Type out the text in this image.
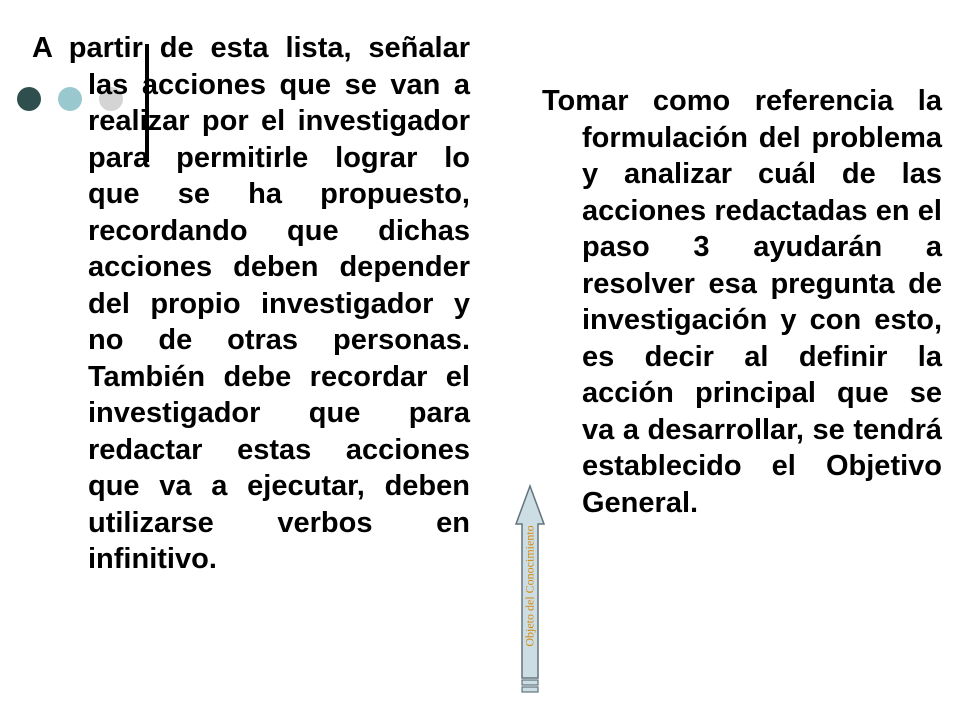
A partir de esta lista, señalar las acciones que se van a realizar por el investigador para permitirle lograr lo que se ha propuesto, recordando que dichas acciones deben depender del propio investigador y no de otras personas. También debe recordar el investigador que para redactar estas acciones que va a ejecutar, deben utilizarse verbos en infinitivo.

Tomar como referencia la formulación del problema y analizar cuál de las acciones redactadas en el paso 3 ayudarán a resolver esa pregunta de investigación y con esto, es decir al definir la acción principal que se va a desarrollar, se tendrá establecido el Objetivo General.

Objeto del Conocimiento
